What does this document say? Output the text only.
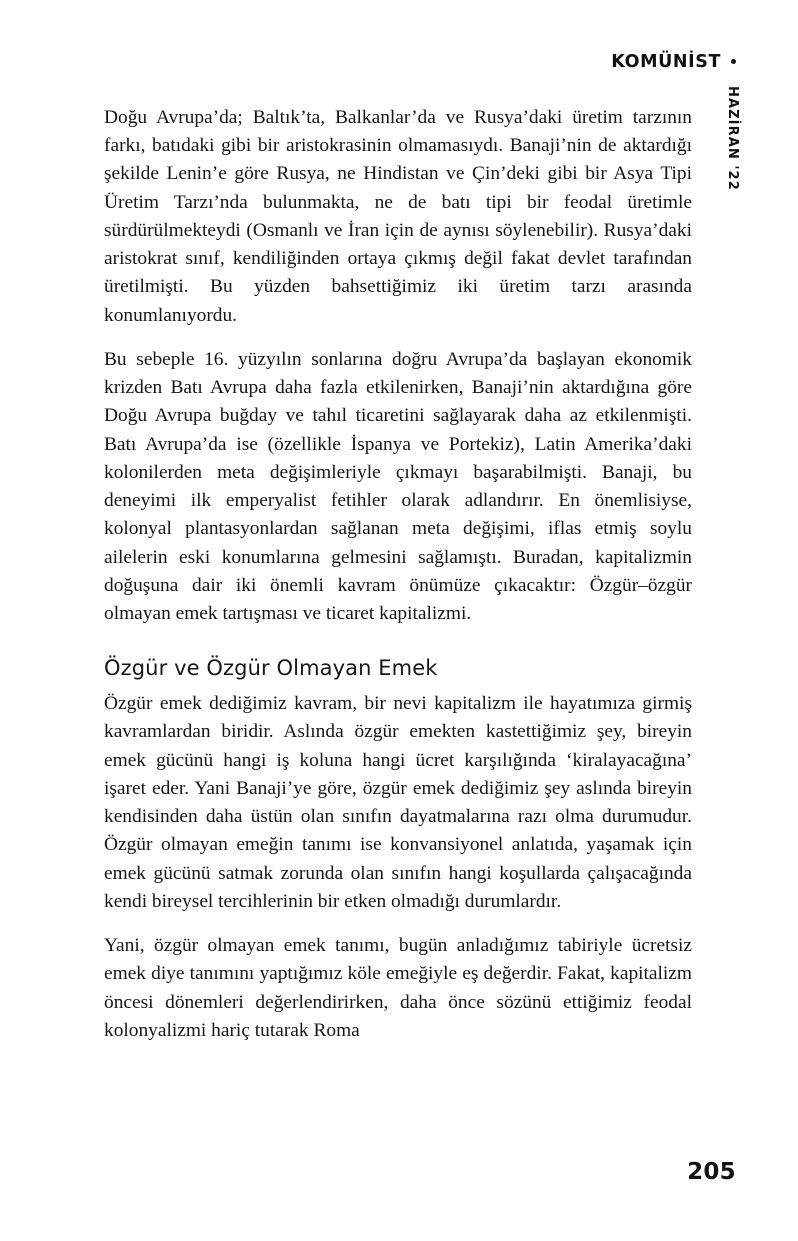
KOMÜNİST
HAZİRAN '22

Doğu Avrupa’da; Baltık’ta, Balkanlar’da ve Rusya’daki üretim tarzının farkı, batıdaki gibi bir aristokrasinin olmamasıydı. Banaji’nin de aktardığı şekilde Lenin’e göre Rusya, ne Hindistan ve Çin’deki gibi bir Asya Tipi Üretim Tarzı’nda bulunmakta, ne de batı tipi bir feodal üretimle sürdürülmekteydi (Osmanlı ve İran için de aynısı söylenebilir). Rusya’daki aristokrat sınıf, kendiliğinden ortaya çıkmış değil fakat devlet tarafından üretilmişti. Bu yüzden bahsettiğimiz iki üretim tarzı arasında konumlanıyordu.

Bu sebeple 16. yüzyılın sonlarına doğru Avrupa’da başlayan ekonomik krizden Batı Avrupa daha fazla etkilenirken, Banaji’nin aktardığına göre Doğu Avrupa buğday ve tahıl ticaretini sağlayarak daha az etkilenmişti. Batı Avrupa’da ise (özellikle İspanya ve Portekiz), Latin Amerika’daki kolonilerden meta değişimleriyle çıkmayı başarabilmişti. Banaji, bu deneyimi ilk emperyalist fetihler olarak adlandırır. En önemlisiyse, kolonyal plantasyonlardan sağlanan meta değişimi, iflas etmiş soylu ailelerin eski konumlarına gelmesini sağlamıştı. Buradan, kapitalizmin doğuşuna dair iki önemli kavram önümüze çıkacaktır: Özgür–özgür olmayan emek tartışması ve ticaret kapitalizmi.

Özgür ve Özgür Olmayan Emek

Özgür emek dediğimiz kavram, bir nevi kapitalizm ile hayatımıza girmiş kavramlardan biridir. Aslında özgür emekten kastettiğimiz şey, bireyin emek gücünü hangi iş koluna hangi ücret karşılığında ‘kiralayacağına’ işaret eder. Yani Banaji’ye göre, özgür emek dediğimiz şey aslında bireyin kendisinden daha üstün olan sınıfın dayatmalarına razı olma durumudur. Özgür olmayan emeğin tanımı ise konvansiyonel anlatıda, yaşamak için emek gücünü satmak zorunda olan sınıfın hangi koşullarda çalışacağında kendi bireysel tercihlerinin bir etken olmadığı durumlardır.

Yani, özgür olmayan emek tanımı, bugün anladığımız tabiriyle ücretsiz emek diye tanımını yaptığımız köle emeğiyle eş değerdir. Fakat, kapitalizm öncesi dönemleri değerlendirirken, daha önce sözünü ettiğimiz feodal kolonyalizmi hariç tutarak Roma

205
